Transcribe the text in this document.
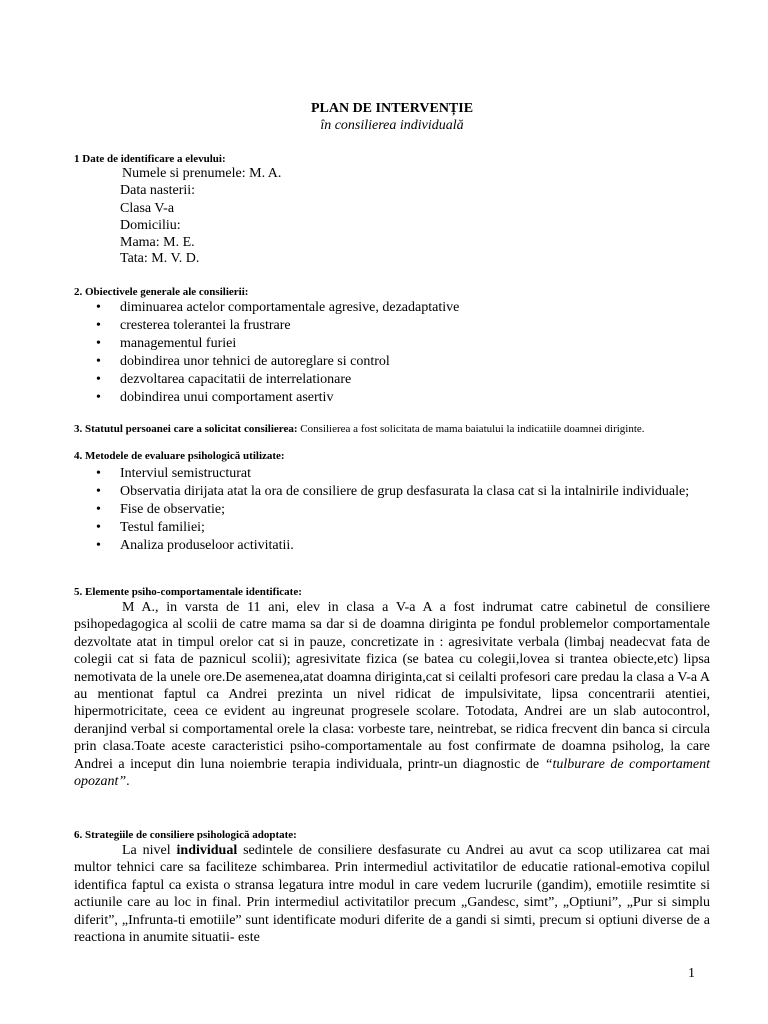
PLAN DE INTERVENȚIE
în consilierea individuală
1 Date de identificare a elevului:
Numele si prenumele: M. A.
Data nasterii:
Clasa V-a
Domiciliu:
Mama: M. E.
Tata: M. V. D.
2. Obiectivele generale ale consilierii:
• diminuarea actelor comportamentale agresive, dezadaptative
• cresterea tolerantei la frustrare
• managementul furiei
• dobindirea unor tehnici de autoreglare si control
• dezvoltarea capacitatii de interrelationare
• dobindirea unui comportament asertiv
3. Statutul persoanei care a solicitat consilierea: Consilierea a fost solicitata de mama baiatului la indicatiile doamnei diriginte.
4. Metodele de evaluare psihologică utilizate:
• Interviul semistructurat
• Observatia dirijata atat la ora de consiliere de grup desfasurata la clasa cat si la intalnirile individuale;
• Fise de observatie;
• Testul familiei;
• Analiza produseloor activitatii.
5. Elemente psiho-comportamentale identificate:
M A., in varsta de 11 ani, elev in clasa a V-a A a fost indrumat catre cabinetul de consiliere psihopedagogica al scolii de catre mama sa dar si de doamna diriginta pe fondul problemelor comportamentale dezvoltate atat in timpul orelor cat si in pauze, concretizate in : agresivitate verbala (limbaj neadecvat fata de colegii cat si fata de paznicul scolii); agresivitate fizica (se batea cu colegii,lovea si trantea obiecte,etc) lipsa nemotivata de la unele ore.De asemenea,atat doamna diriginta,cat si ceilalti profesori care predau la clasa a V-a A au mentionat faptul ca Andrei prezinta un nivel ridicat de impulsivitate, lipsa concentrarii atentiei, hipermotricitate, ceea ce evident au ingreunat progresele scolare. Totodata, Andrei are un slab autocontrol, deranjind verbal si comportamental orele la clasa: vorbeste tare, neintrebat, se ridica frecvent din banca si circula prin clasa.Toate aceste caracteristici psiho-comportamentale au fost confirmate de doamna psiholog, la care Andrei a inceput din luna noiembrie terapia individuala, printr-un diagnostic de “tulburare de comportament opozant”.
6. Strategiile de consiliere psihologică adoptate:
La nivel individual sedintele de consiliere desfasurate cu Andrei au avut ca scop utilizarea cat mai multor tehnici care sa faciliteze schimbarea. Prin intermediul activitatilor de educatie rational-emotiva copilul identifica faptul ca exista o stransa legatura intre modul in care vedem lucrurile (gandim), emotiile resimtite si actiunile care au loc in final. Prin intermediul activitatilor precum „Gandesc, simt”, „Optiuni”, „Pur si simplu diferit”, „Infrunta-ti emotiile” sunt identificate moduri diferite de a gandi si simti, precum si optiuni diverse de a reactiona in anumite situatii- este
1
